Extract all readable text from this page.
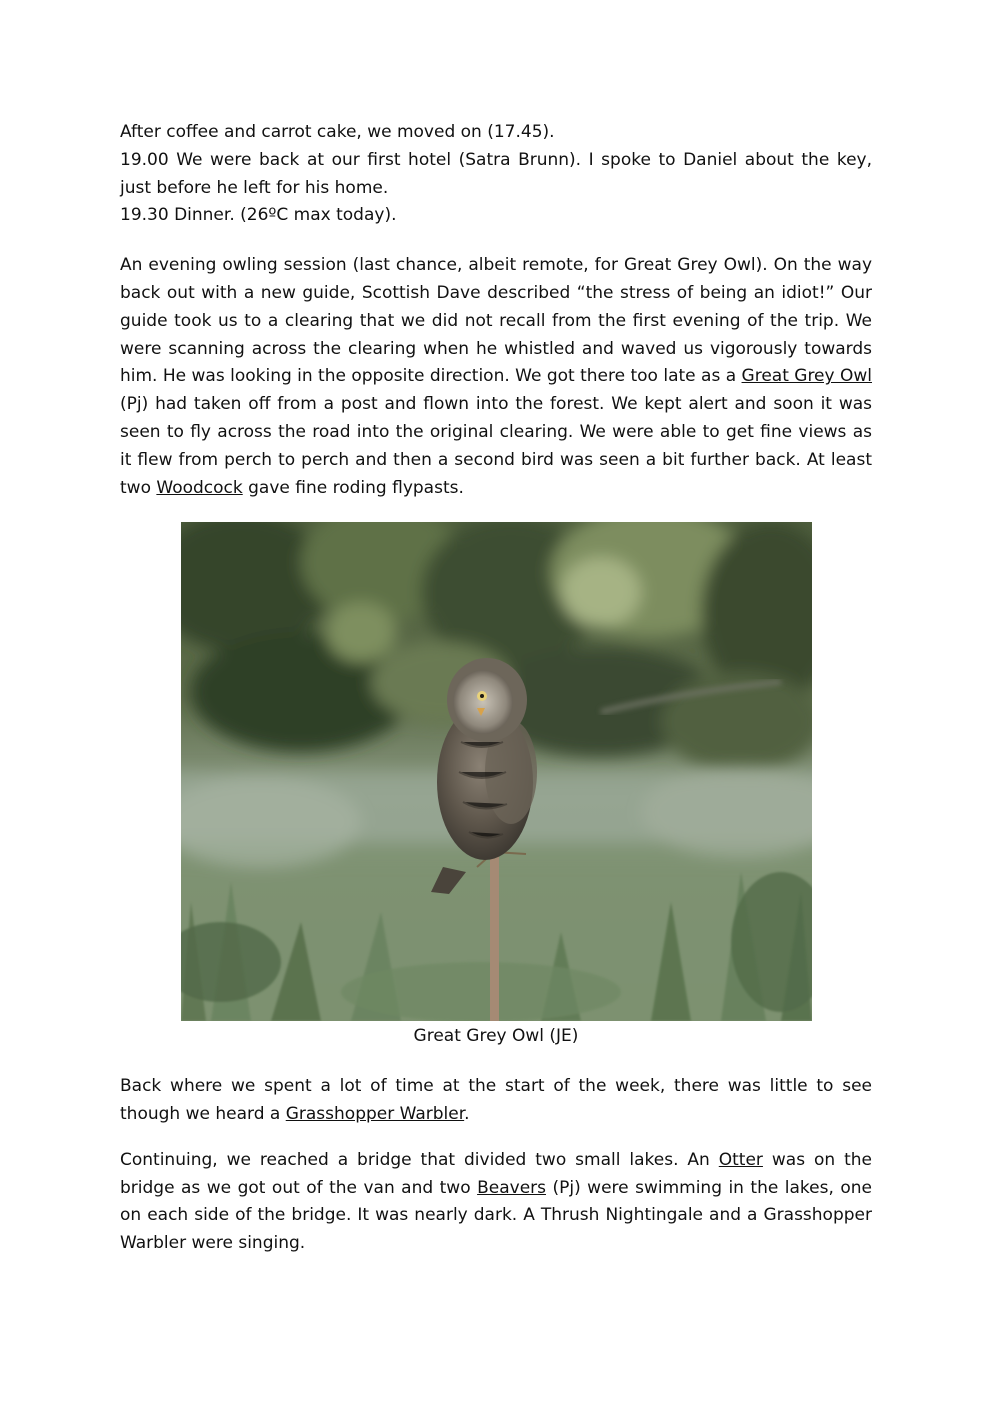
After coffee and carrot cake, we moved on (17.45).

19.00 We were back at our first hotel (Satra Brunn). I spoke to Daniel about the key, just before he left for his home.

19.30 Dinner. (26ºC max today).

An evening owling session (last chance, albeit remote, for Great Grey Owl). On the way back out with a new guide, Scottish Dave described “the stress of being an idiot!” Our guide took us to a clearing that we did not recall from the first evening of the trip. We were scanning across the clearing when he whistled and waved us vigorously towards him. He was looking in the opposite direction. We got there too late as a Great Grey Owl (Pj) had taken off from a post and flown into the forest. We kept alert and soon it was seen to fly across the road into the original clearing. We were able to get fine views as it flew from perch to perch and then a second bird was seen a bit further back. At least two Woodcock gave fine roding flypasts.

Great Grey Owl (JE)

Back where we spent a lot of time at the start of the week, there was little to see though we heard a Grasshopper Warbler.

Continuing, we reached a bridge that divided two small lakes. An Otter was on the bridge as we got out of the van and two Beavers (Pj) were swimming in the lakes, one on each side of the bridge. It was nearly dark. A Thrush Nightingale and a Grasshopper Warbler were singing.
